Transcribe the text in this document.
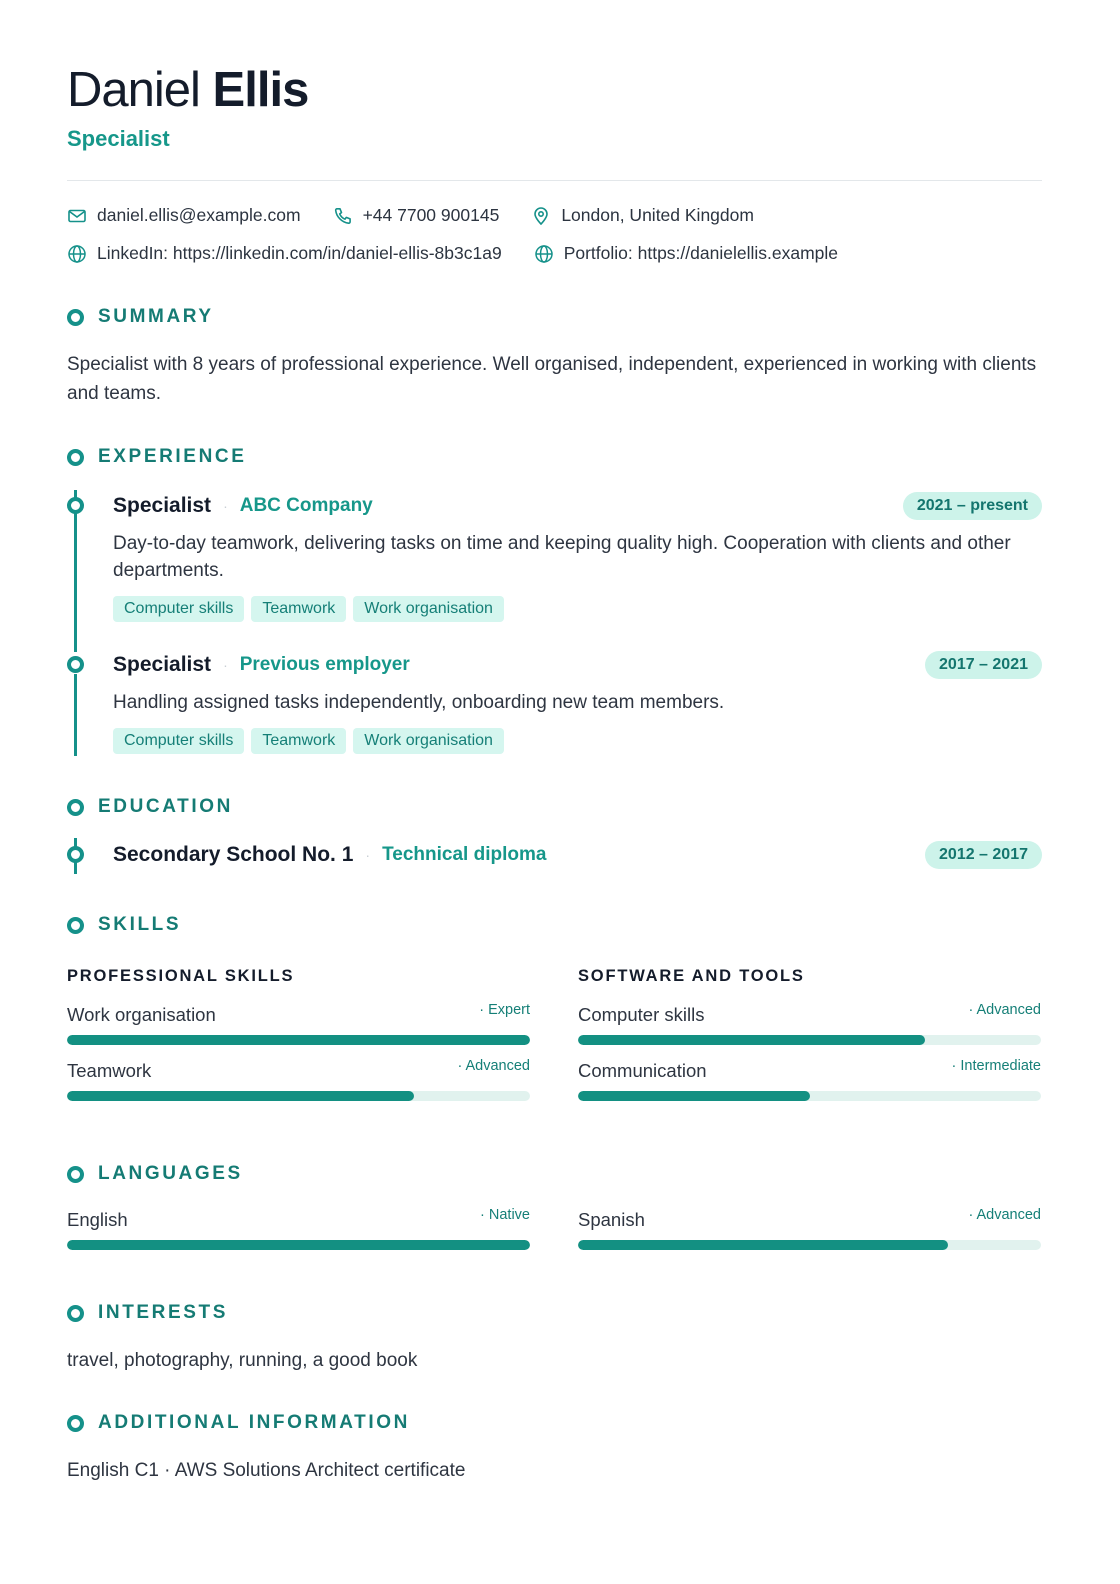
Daniel Ellis
Specialist
daniel.ellis@example.com	+44 7700 900145	London, United Kingdom
LinkedIn: https://linkedin.com/in/daniel-ellis-8b3c1a9	Portfolio: https://danielellis.example
SUMMARY
Specialist with 8 years of professional experience. Well organised, independent, experienced in working with clients and teams.
EXPERIENCE
Specialist · ABC Company	2021 – present
Day-to-day teamwork, delivering tasks on time and keeping quality high. Cooperation with clients and other departments.
Computer skills	Teamwork	Work organisation
Specialist · Previous employer	2017 – 2021
Handling assigned tasks independently, onboarding new team members.
Computer skills	Teamwork	Work organisation
EDUCATION
Secondary School No. 1 · Technical diploma	2012 – 2017
SKILLS
PROFESSIONAL SKILLS	SOFTWARE AND TOOLS
Work organisation	· Expert
Teamwork	· Advanced
Computer skills	· Advanced
Communication	· Intermediate
LANGUAGES
English	· Native	Spanish	· Advanced
INTERESTS
travel, photography, running, a good book
ADDITIONAL INFORMATION
English C1 · AWS Solutions Architect certificate
